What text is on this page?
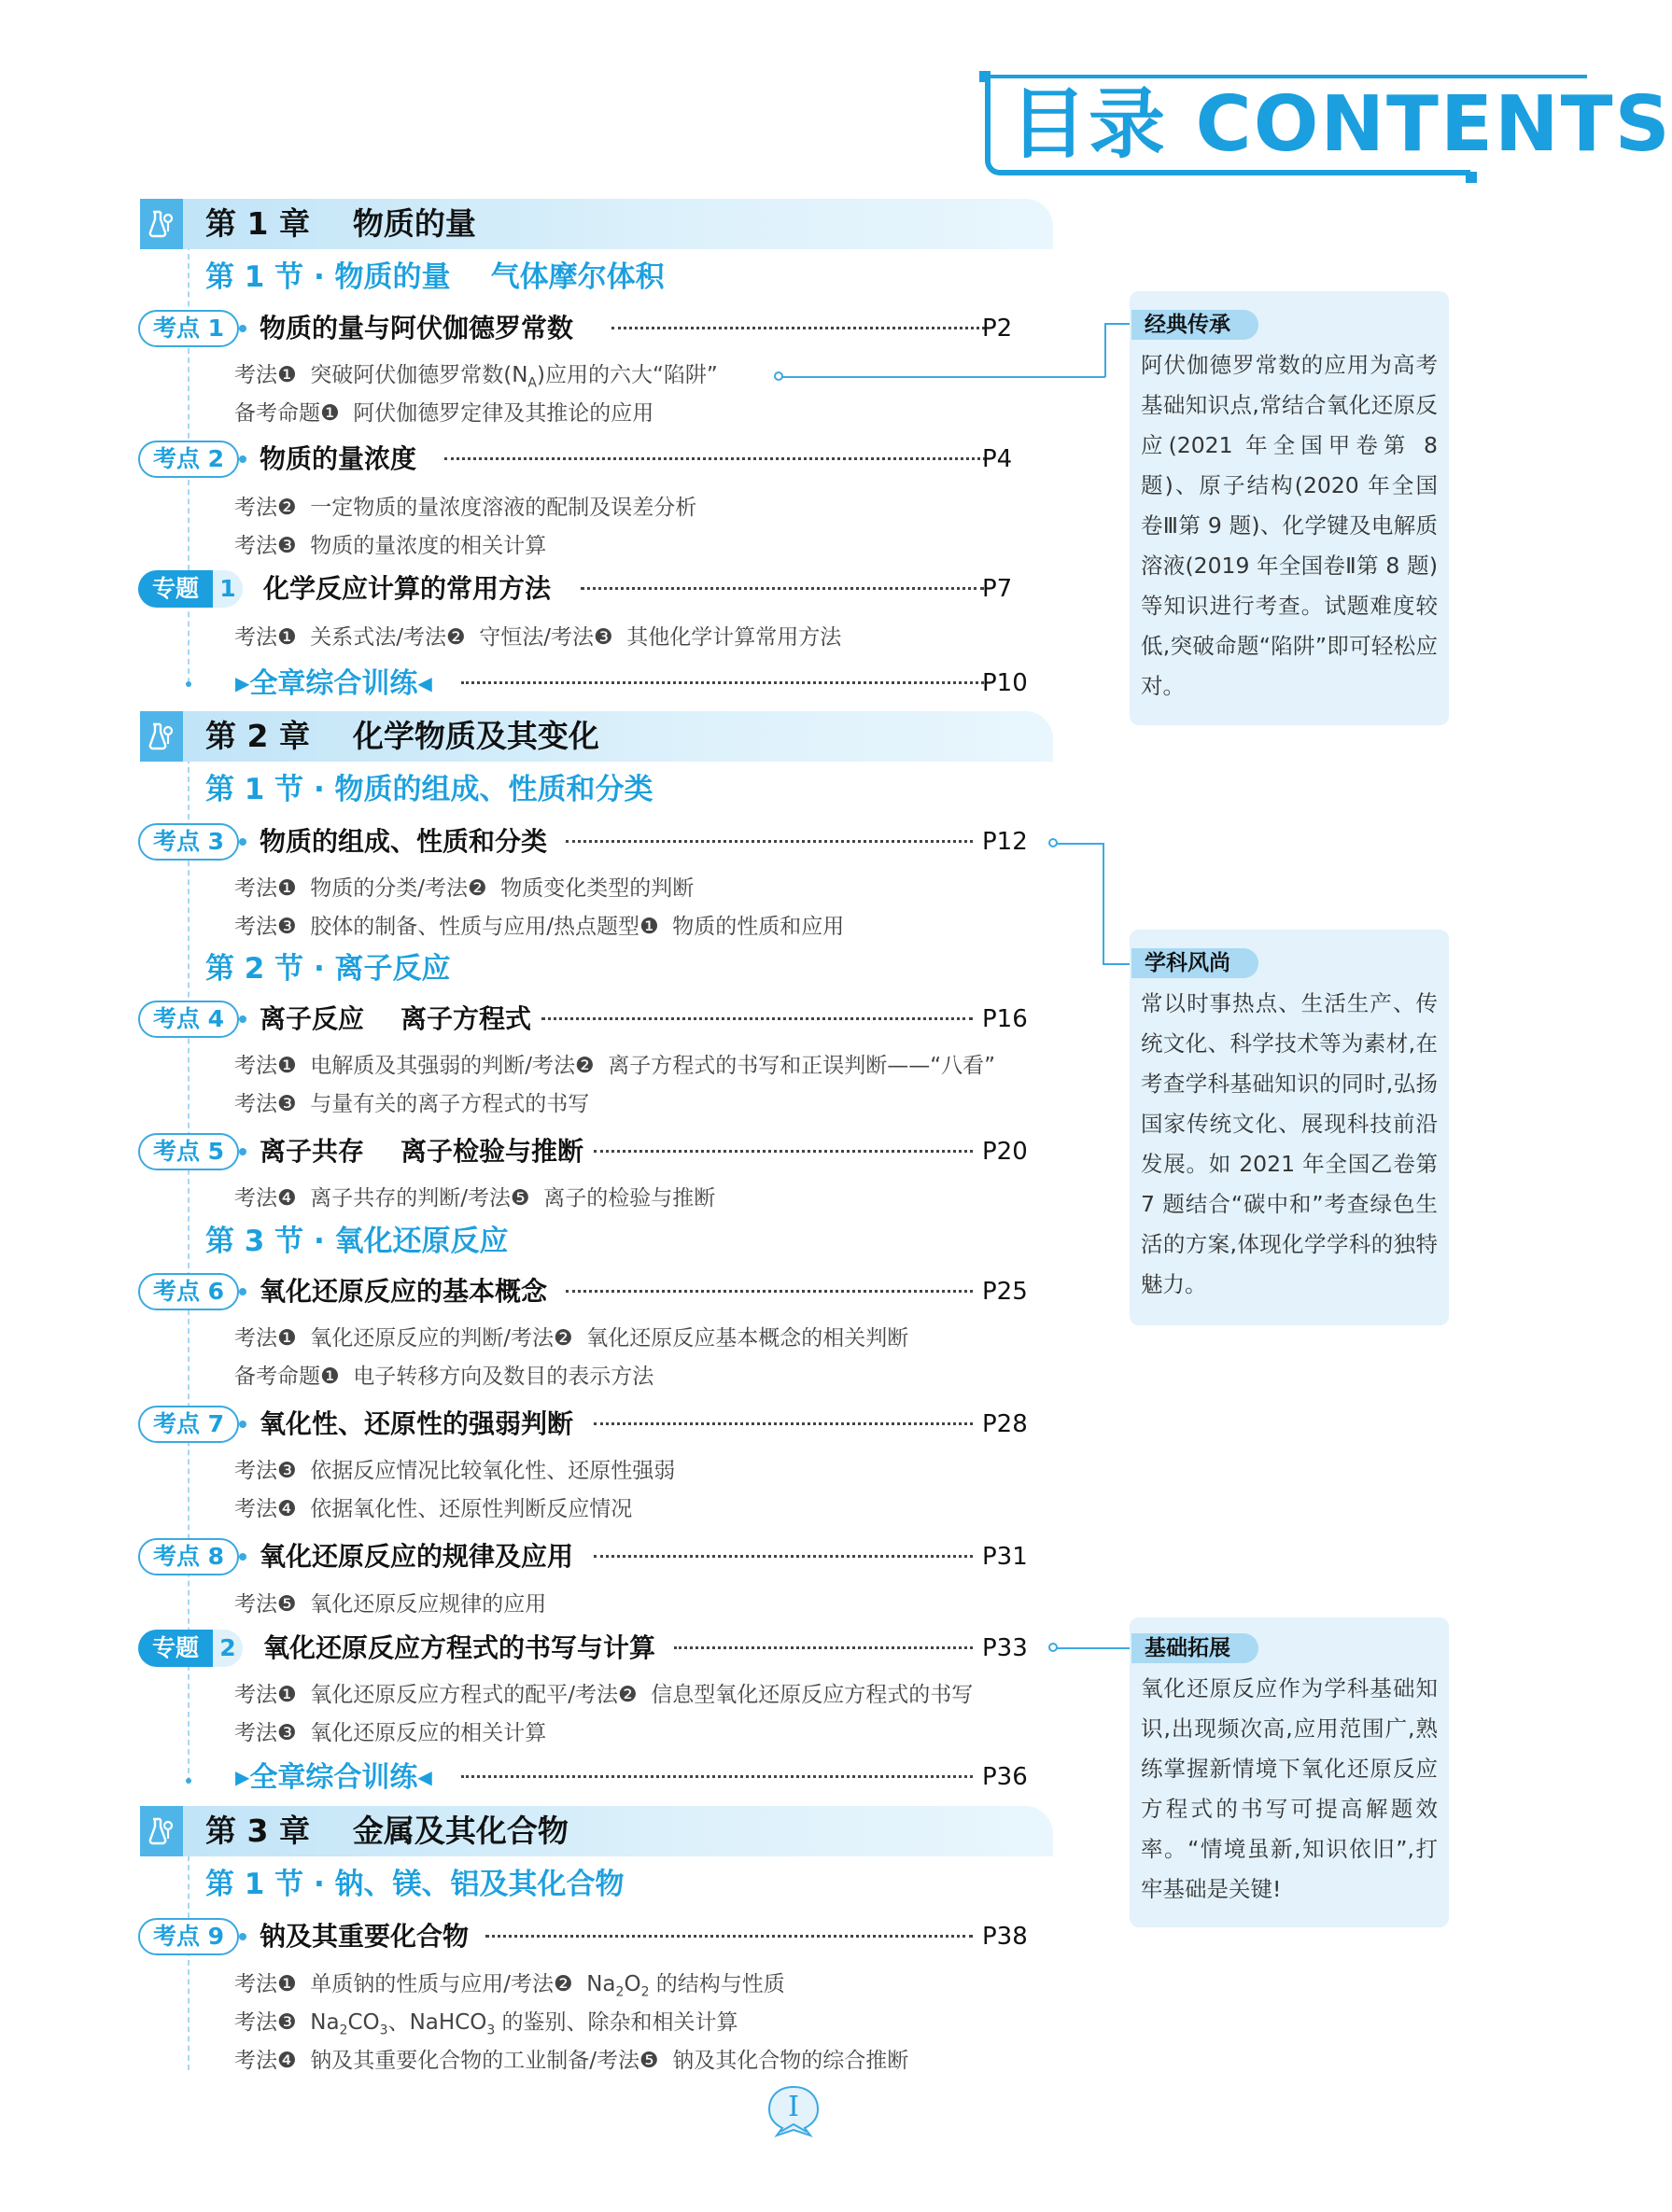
目录 CONTENTS
第 1 章    物质的量
第 1 节 · 物质的量    气体摩尔体积
考点 1	物质的量与阿伏伽德罗常数	P2
考法❶  突破阿伏伽德罗常数$(N_A)$应用的六大“陷阱”
备考命题❶  阿伏伽德罗定律及其推论的应用
考点 2	物质的量浓度	P4
考法❷  一定物质的量浓度溶液的配制及误差分析
考法❸  物质的量浓度的相关计算
专题 1 化学反应计算的常用方法	P7
考法❶  关系式法/考法❷  守恒法/考法❸  其他化学计算常用方法
▶全章综合训练◀	P10
第 2 章    化学物质及其变化
第 1 节 · 物质的组成、性质和分类
考点 3	物质的组成、性质和分类	P12
考法❶  物质的分类/考法❷  物质变化类型的判断
考法❸  胶体的制备、性质与应用/热点题型❶  物质的性质和应用
第 2 节 · 离子反应
考点 4	离子反应    离子方程式	P16
考法❶  电解质及其强弱的判断/考法❷  离子方程式的书写和正误判断——“八看”
考法❸  与量有关的离子方程式的书写
考点 5	离子共存    离子检验与推断	P20
考法❹  离子共存的判断/考法❺  离子的检验与推断
第 3 节 · 氧化还原反应
考点 6	氧化还原反应的基本概念	P25
考法❶  氧化还原反应的判断/考法❷  氧化还原反应基本概念的相关判断
备考命题❶  电子转移方向及数目的表示方法
考点 7	氧化性、还原性的强弱判断	P28
考法❸  依据反应情况比较氧化性、还原性强弱
考法❹  依据氧化性、还原性判断反应情况
考点 8	氧化还原反应的规律及应用	P31
考法❺  氧化还原反应规律的应用
专题 2 氧化还原反应方程式的书写与计算	P33
考法❶  氧化还原反应方程式的配平/考法❷  信息型氧化还原反应方程式的书写
考法❸  氧化还原反应的相关计算
▶全章综合训练◀	P36
第 3 章    金属及其化合物
第 1 节 · 钠、镁、铝及其化合物
考点 9	钠及其重要化合物	P38
考法❶  单质钠的性质与应用/考法❷  $Na_2O_2$ 的结构与性质
考法❸  $Na_2CO_3$、NaHCO$_3$ 的鉴别、除杂和相关计算
考法❹  钠及其重要化合物的工业制备/考法❺  钠及其化合物的综合推断
经典传承
阿伏伽德罗常数的应用为高考基础知识点,常结合氧化还原反应(2021 年全国甲卷第 8 题)、原子结构(2020 年全国卷Ⅲ第 9 题)、化学键及电解质溶液(2019 年全国卷Ⅱ第 8 题)等知识进行考查。试题难度较低,突破命题“陷阱”即可轻松应对。
学科风尚
常以时事热点、生活生产、传统文化、科学技术等为素材,在考查学科基础知识的同时,弘扬国家传统文化、展现科技前沿发展。如 2021 年全国乙卷第 7 题结合“碳中和”考查绿色生活的方案,体现化学学科的独特魅力。
基础拓展
氧化还原反应作为学科基础知识,出现频次高,应用范围广,熟练掌握新情境下氧化还原反应方程式的书写可提高解题效率。“情境虽新,知识依旧”,打牢基础是关键!
I
